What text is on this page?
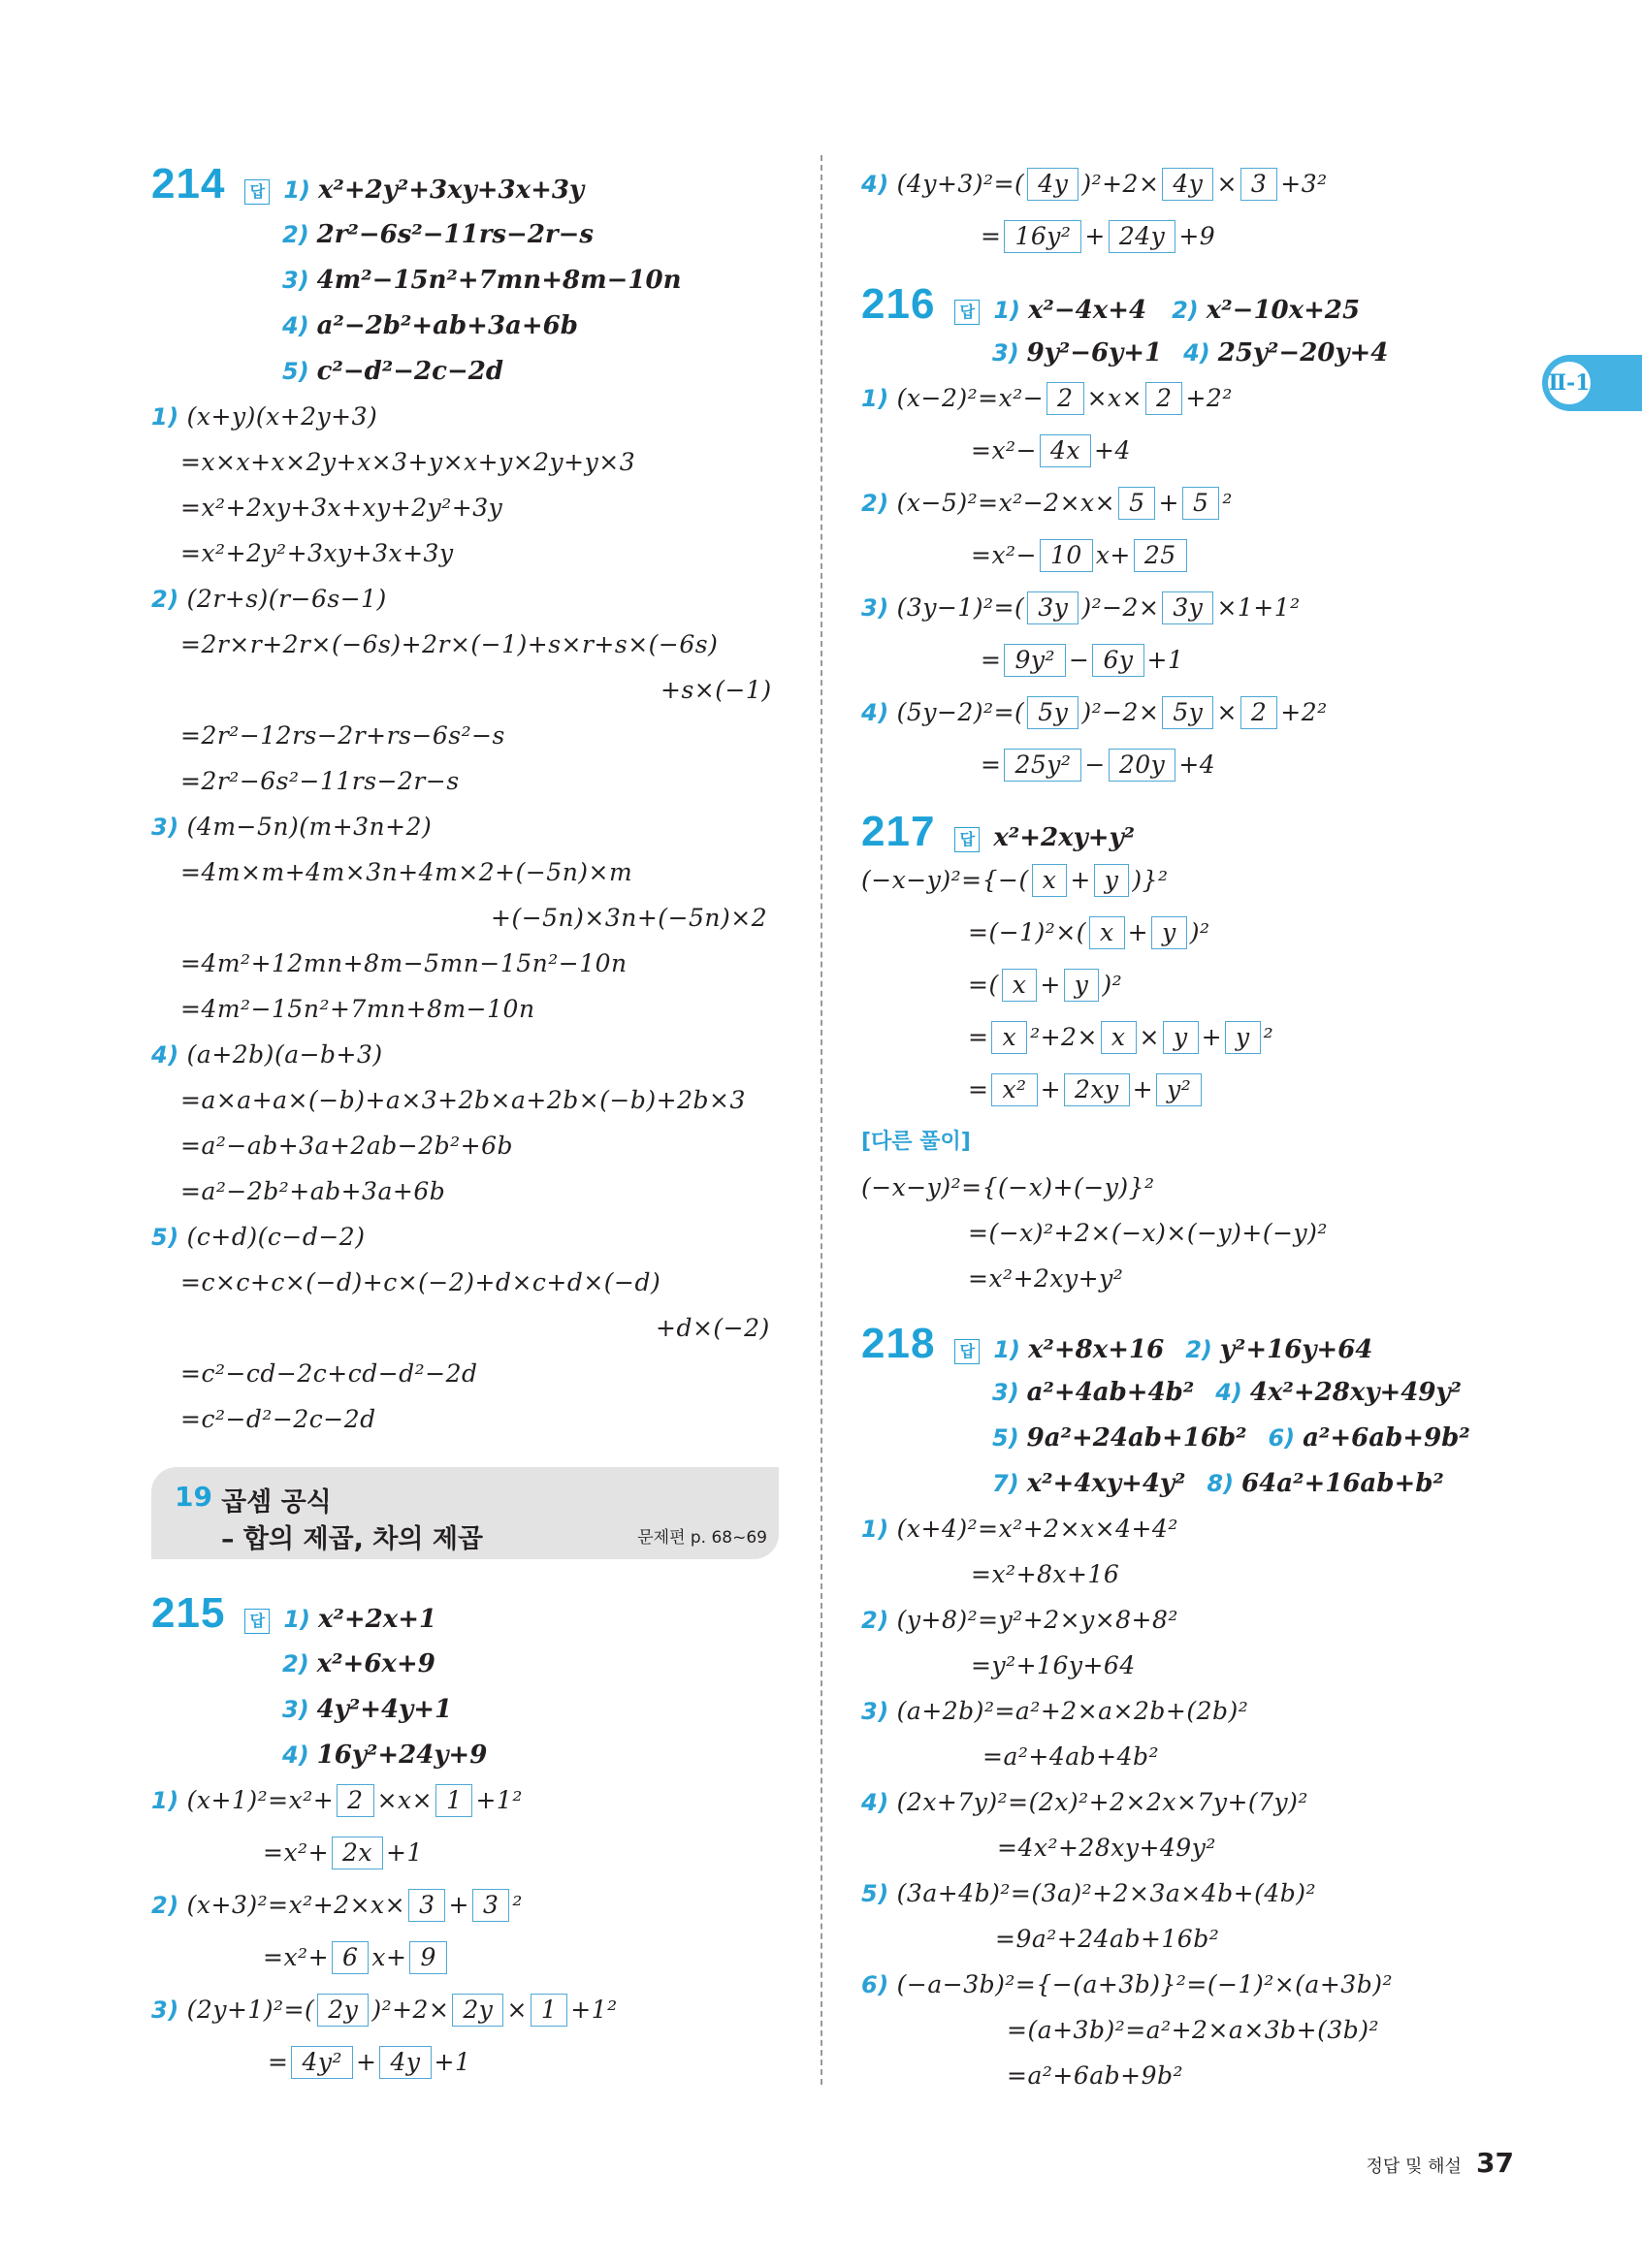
214 답 1) x²+2y²+3xy+3x+3y
2) 2r²−6s²−11rs−2r−s
3) 4m²−15n²+7mn+8m−10n
4) a²−2b²+ab+3a+6b
5) c²−d²−2c−2d
1) (x+y)(x+2y+3)
=x×x+x×2y+x×3+y×x+y×2y+y×3
=x²+2xy+3x+xy+2y²+3y
=x²+2y²+3xy+3x+3y
2) (2r+s)(r−6s−1)
=2r×r+2r×(−6s)+2r×(−1)+s×r+s×(−6s)
+s×(−1)
=2r²−12rs−2r+rs−6s²−s
=2r²−6s²−11rs−2r−s
3) (4m−5n)(m+3n+2)
=4m×m+4m×3n+4m×2+(−5n)×m
+(−5n)×3n+(−5n)×2
=4m²+12mn+8m−5mn−15n²−10n
=4m²−15n²+7mn+8m−10n
4) (a+2b)(a−b+3)
=a×a+a×(−b)+a×3+2b×a+2b×(−b)+2b×3
=a²−ab+3a+2ab−2b²+6b
=a²−2b²+ab+3a+6b
5) (c+d)(c−d−2)
=c×c+c×(−d)+c×(−2)+d×c+d×(−d)
+d×(−2)
=c²−cd−2c+cd−d²−2d
=c²−d²−2c−2d
215 답 1) x²+2x+1
2) x²+6x+9
3) 4y²+4y+1
4) 16y²+24y+9
1) (x+1)²=x²+ 2 ×x× 1 +1²
=x²+ 2x +1
2) (x+3)²=x²+2×x× 3 + 3 ²
=x²+ 6 x+ 9
3) (2y+1)²=( 2y )²+2× 2y × 1 +1²
= 4y² + 4y +1
19 곱셈 공식
– 합의 제곱, 차의 제곱	문제편 p. 68~69
4) (4y+3)²=( 4y )²+2× 4y × 3 +3²
= 16y² + 24y +9
216 답 1) x²−4x+4 2) x²−10x+25
3) 9y²−6y+1 4) 25y²−20y+4
1) (x−2)²=x²− 2 ×x× 2 +2²
=x²− 4x +4
2) (x−5)²=x²−2×x× 5 + 5 ²
=x²− 10 x+ 25
3) (3y−1)²=( 3y )²−2× 3y ×1+1²
= 9y² − 6y +1
4) (5y−2)²=( 5y )²−2× 5y × 2 +2²
= 25y² − 20y +4
217 답 x²+2xy+y²
(−x−y)²={−( x + y )}²
=(−1)²×( x + y )²
=( x + y )²
= x ²+2× x × y + y ²
= x² + 2xy + y²
[다른 풀이]
(−x−y)²={(−x)+(−y)}²
=(−x)²+2×(−x)×(−y)+(−y)²
=x²+2xy+y²
218 답 1) x²+8x+16 2) y²+16y+64
3) a²+4ab+4b² 4) 4x²+28xy+49y²
5) 9a²+24ab+16b² 6) a²+6ab+9b²
7) x²+4xy+4y² 8) 64a²+16ab+b²
1) (x+4)²=x²+2×x×4+4²
=x²+8x+16
2) (y+8)²=y²+2×y×8+8²
=y²+16y+64
3) (a+2b)²=a²+2×a×2b+(2b)²
=a²+4ab+4b²
4) (2x+7y)²=(2x)²+2×2x×7y+(7y)²
=4x²+28xy+49y²
5) (3a+4b)²=(3a)²+2×3a×4b+(4b)²
=9a²+24ab+16b²
6) (−a−3b)²={−(a+3b)}²=(−1)²×(a+3b)²
=(a+3b)²=a²+2×a×3b+(3b)²
=a²+6ab+9b²
Ⅱ-1
정답 및 해설 37
